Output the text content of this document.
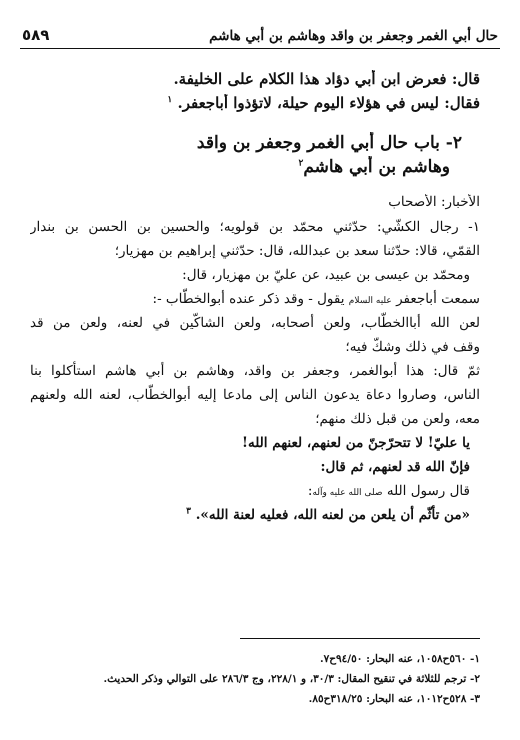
حال أبي الغمر وجعفر بن واقد وهاشم بن أبي هاشم
٥٨٩

قال: فعرض ابن أبي دؤاد هذا الكلام على الخليفة.

فقال: ليس في هؤلاء اليوم حيلة، لاتؤذوا أباجعفر. $^١$

٢- باب حال أبي الغمر وجعفر بن واقد

وهاشم بن أبي هاشم$^٢$

الأخبار: الأصحاب

١- رجال الكشّي: حدّثني محمّد بن قولويه؛ والحسين بن الحسن بن بندار

القمّي، قالا: حدّثنا سعد بن عبدالله، قال: حدّثني إبراهيم بن مهزيار؛

ومحمّد بن عيسى بن عبيد، عن عليّ بن مهزيار، قال:

سمعت أباجعفر عليه السلام يقول - وقد ذكر عنده أبوالخطّاب -:

لعن الله أباالخطّاب، ولعن أصحابه، ولعن الشاكّين في لعنه، ولعن من قد

وقف في ذلك وشكّ فيه؛

ثمّ قال: هذا أبوالغمر، وجعفر بن واقد، وهاشم بن أبي هاشم استأكلوا بنا

الناس، وصاروا دعاة يدعون الناس إلى مادعا إليه أبوالخطّاب، لعنه الله ولعنهم

معه، ولعن من قبل ذلك منهم؛

يا عليّ! لا تتحرّجنّ من لعنهم، لعنهم الله!

فإنّ الله قد لعنهم، ثم قال:

قال رسول الله صلى الله عليه وآله:

«من تأثّم أن يلعن من لعنه الله، فعليه لعنة الله». $^٣$

١- ٥٦٠ح١٠٥٨، عنه البحار: ٩٤/٥٠ح٧.

٢- ترجم للثلاثة في تنقيح المقال: ٣٠/٣، و ٢٢٨/١، وج ٢٨٦/٣ على التوالي وذكر الحديث.

٣- ٥٢٨ح١٠١٢، عنه البحار: ٣١٨/٢٥ح٨٥.
